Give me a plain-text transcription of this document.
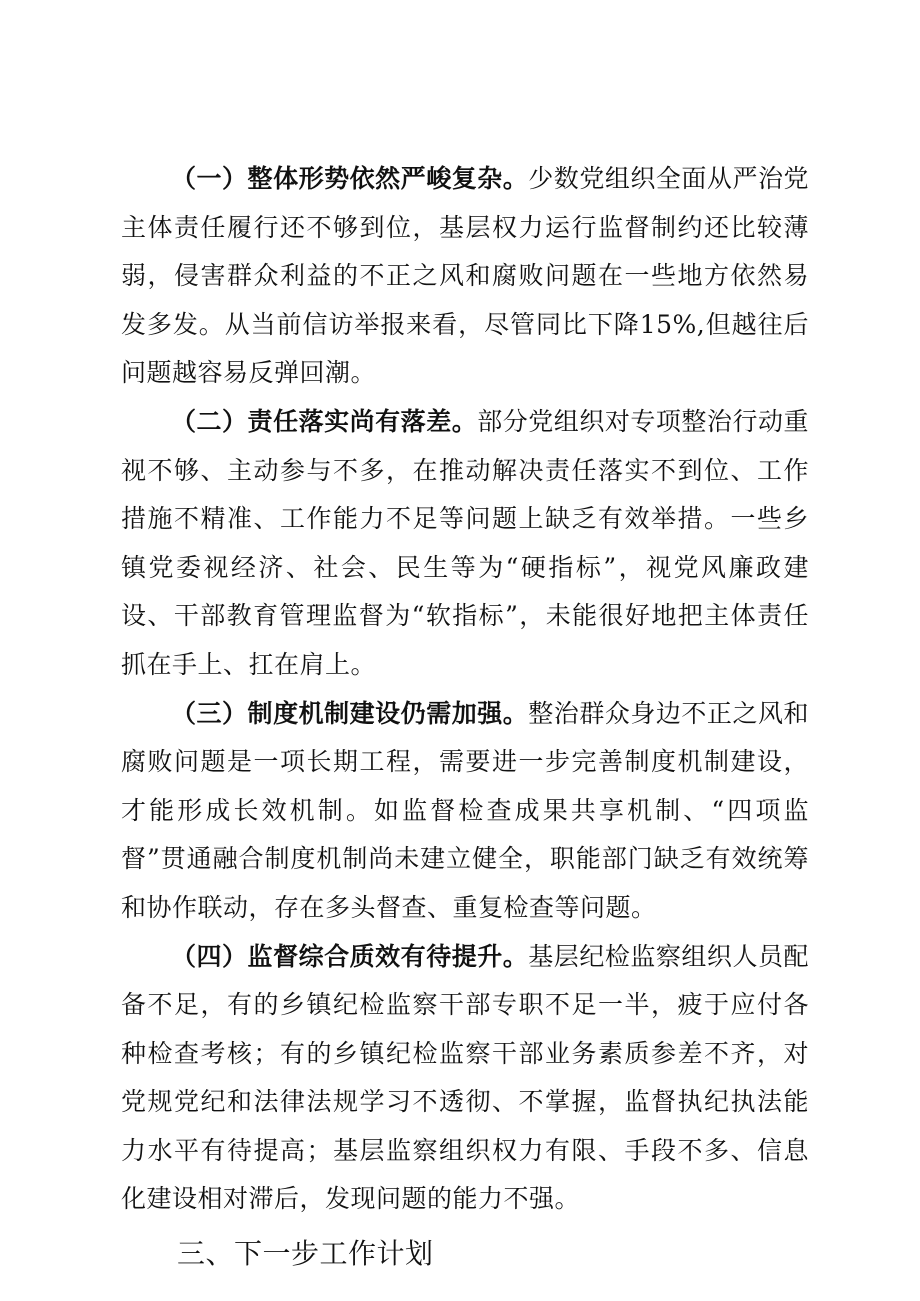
（一）整体形势依然严峻复杂。少数党组织全面从严治党主体责任履行还不够到位，基层权力运行监督制约还比较薄弱，侵害群众利益的不正之风和腐败问题在一些地方依然易发多发。从当前信访举报来看，尽管同比下降15%,但越往后问题越容易反弹回潮。

（二）责任落实尚有落差。部分党组织对专项整治行动重视不够、主动参与不多，在推动解决责任落实不到位、工作措施不精准、工作能力不足等问题上缺乏有效举措。一些乡镇党委视经济、社会、民生等为“硬指标”，视党风廉政建设、干部教育管理监督为“软指标”，未能很好地把主体责任抓在手上、扛在肩上。

（三）制度机制建设仍需加强。整治群众身边不正之风和腐败问题是一项长期工程，需要进一步完善制度机制建设，才能形成长效机制。如监督检查成果共享机制、“四项监督”贯通融合制度机制尚未建立健全，职能部门缺乏有效统筹和协作联动，存在多头督查、重复检查等问题。

（四）监督综合质效有待提升。基层纪检监察组织人员配备不足，有的乡镇纪检监察干部专职不足一半，疲于应付各种检查考核；有的乡镇纪检监察干部业务素质参差不齐，对党规党纪和法律法规学习不透彻、不掌握，监督执纪执法能力水平有待提高；基层监察组织权力有限、手段不多、信息化建设相对滞后，发现问题的能力不强。

三、下一步工作计划
